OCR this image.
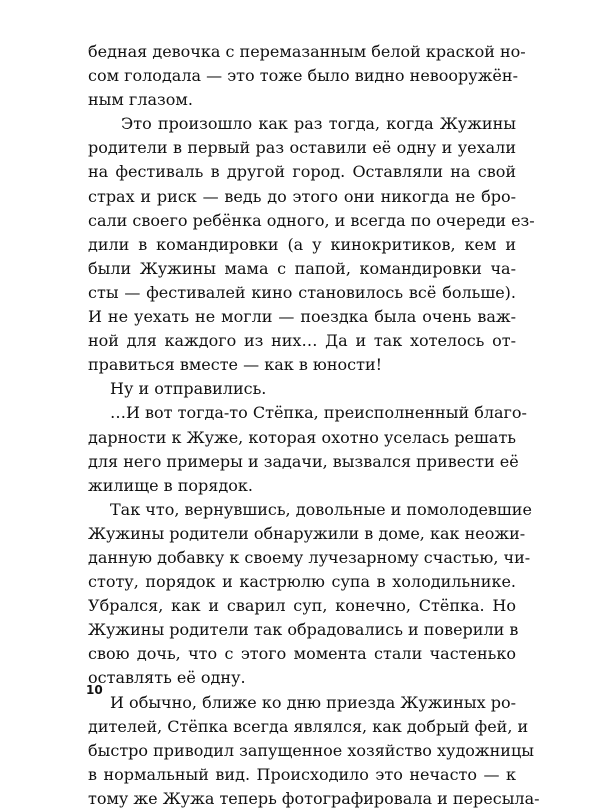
бедная девочка с перемазанным белой краской но-
сом голодала — это тоже было видно невооружён-
ным глазом.
Это произошло как раз тогда, когда Жужины
родители в первый раз оставили её одну и уехали
на фестиваль в другой город. Оставляли на свой
страх и риск — ведь до этого они никогда не бро-
сали своего ребёнка одного, и всегда по очереди ез-
дили в командировки (а у кинокритиков, кем и
были Жужины мама с папой, командировки ча-
сты — фестивалей кино становилось всё больше).
И не уехать не могли — поездка была очень важ-
ной для каждого из них… Да и так хотелось от-
правиться вместе — как в юности!
Ну и отправились.
…И вот тогда-то Стёпка, преисполненный благо-
дарности к Жуже, которая охотно уселась решать
для него примеры и задачи, вызвался привести её
жилище в порядок.
Так что, вернувшись, довольные и помолодевшие
Жужины родители обнаружили в доме, как неожи-
данную добавку к своему лучезарному счастью, чи-
стоту, порядок и кастрюлю супа в холодильнике.
Убрался, как и сварил суп, конечно, Стёпка. Но
Жужины родители так обрадовались и поверили в
свою дочь, что с этого момента стали частенько
оставлять её одну.
И обычно, ближе ко дню приезда Жужиных ро-
дителей, Стёпка всегда являлся, как добрый фей, и
быстро приводил запущенное хозяйство художницы
в нормальный вид. Происходило это нечасто — к
тому же Жужа теперь фотографировала и пересыла-
10
